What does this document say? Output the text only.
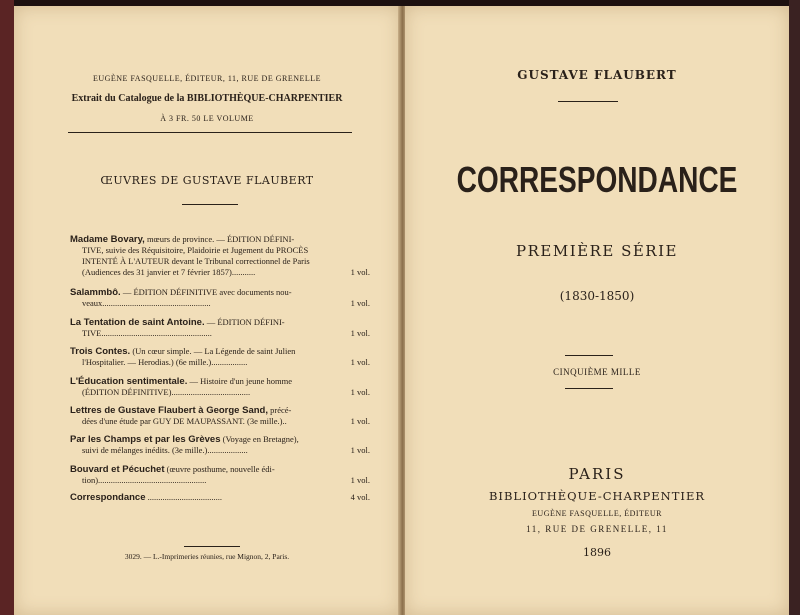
EUGÈNE FASQUELLE, ÉDITEUR, 11, RUE DE GRENELLE
Extrait du Catalogue de la BIBLIOTHÈQUE-CHARPENTIER
À 3 FR. 50 LE VOLUME
ŒUVRES DE GUSTAVE FLAUBERT
Madame Bovary, mœurs de province. — ÉDITION DÉFINI-
TIVE, suivie des Réquisitoire, Plaidoirie et Jugement du PROCÈS
INTENTÉ À L'AUTEUR devant le Tribunal correctionnel de Paris
(Audiences des 31 janvier et 7 février 1857)...........	1 vol.
Salammbô. — ÉDITION DÉFINITIVE avec documents nou-
veaux...................................................	1 vol.
La Tentation de saint Antoine. — ÉDITION DÉFINI-
TIVE....................................................	1 vol.
Trois Contes. (Un cœur simple. — La Légende de saint Julien
l'Hospitalier. — Herodias.) (6e mille.).................	1 vol.
L'Éducation sentimentale. — Histoire d'un jeune homme
(ÉDITION DÉFINITIVE).....................................	1 vol.
Lettres de Gustave Flaubert à George Sand, précé-
dées d'une étude par GUY DE MAUPASSANT. (3e mille.)..	1 vol.
Par les Champs et par les Grèves (Voyage en Bretagne),
suivi de mélanges inédits. (3e mille.)...................	1 vol.
Bouvard et Pécuchet (œuvre posthume, nouvelle édi-
tion)...................................................	1 vol.
Correspondance ...................................	4 vol.
3029. — L.-Imprimeries réunies, rue Mignon, 2, Paris.
GUSTAVE FLAUBERT
CORRESPONDANCE
PREMIÈRE SÉRIE
(1830-1850)
CINQUIÈME MILLE
PARIS
BIBLIOTHÈQUE-CHARPENTIER
EUGÈNE FASQUELLE, ÉDITEUR
11, RUE DE GRENELLE, 11
1896
